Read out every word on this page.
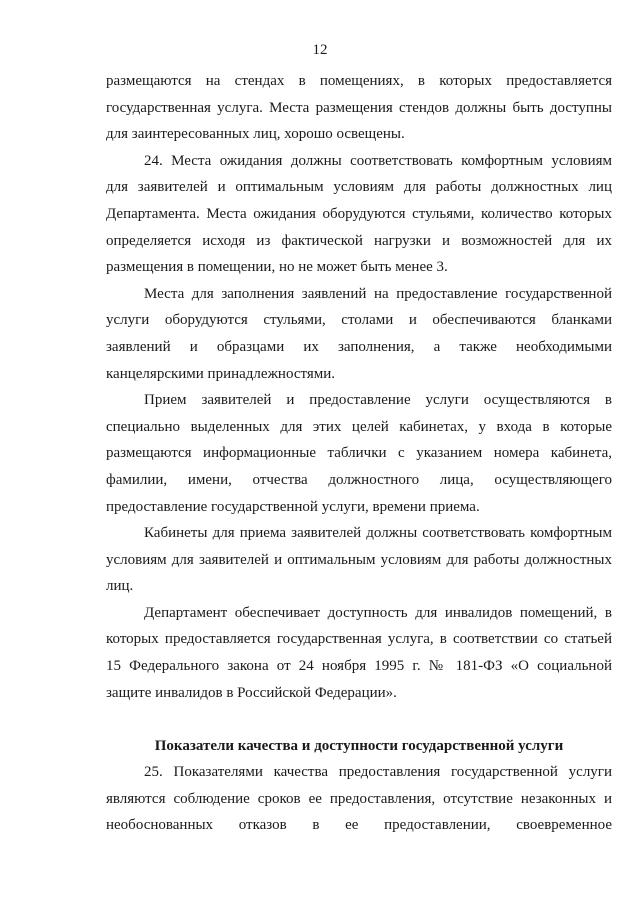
12
размещаются на стендах в помещениях, в которых предоставляется
государственная услуга. Места размещения стендов должны быть доступны
для заинтересованных лиц, хорошо освещены.
24. Места ожидания должны соответствовать комфортным условиям
для заявителей и оптимальным условиям для работы должностных лиц
Департамента. Места ожидания оборудуются стульями, количество которых
определяется исходя из фактической нагрузки и возможностей для их
размещения в помещении, но не может быть менее 3.
Места для заполнения заявлений на предоставление государственной
услуги оборудуются стульями, столами и обеспечиваются бланками
заявлений и образцами их заполнения, а также необходимыми
канцелярскими принадлежностями.
Прием заявителей и предоставление услуги осуществляются в
специально выделенных для этих целей кабинетах, у входа в которые
размещаются информационные таблички с указанием номера кабинета,
фамилии, имени, отчества должностного лица, осуществляющего
предоставление государственной услуги, времени приема.
Кабинеты для приема заявителей должны соответствовать комфортным
условиям для заявителей и оптимальным условиям для работы должностных
лиц.
Департамент обеспечивает доступность для инвалидов помещений, в
которых предоставляется государственная услуга, в соответствии со статьей
15 Федерального закона от 24 ноября 1995 г. № 181-ФЗ «О социальной
защите инвалидов в Российской Федерации».
Показатели качества и доступности государственной услуги
25. Показателями качества предоставления государственной услуги
являются соблюдение сроков ее предоставления, отсутствие незаконных и
необоснованных отказов в ее предоставлении, своевременное
